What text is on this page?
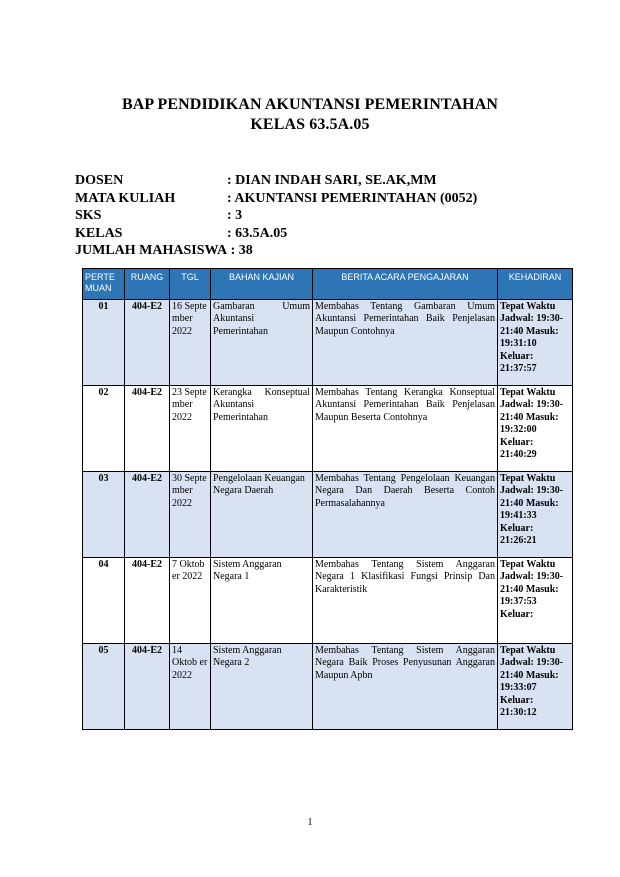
BAP PENDIDIKAN AKUNTANSI PEMERINTAHAN
KELAS 63.5A.05
DOSEN	: DIAN INDAH SARI, SE.AK,MM
MATA KULIAH	: AKUNTANSI PEMERINTAHAN (0052)
SKS	: 3
KELAS	: 63.5A.05
JUMLAH MAHASISWA : 38
PERTE MUAN	RUANG	TGL	BAHAN KAJIAN	BERITA ACARA PENGAJARAN	KEHADIRAN
01	404-E2	16 Septe mber 2022	Gambaran Umum Akuntansi Pemerintahan	Membahas Tentang Gambaran Umum Akuntansi Pemerintahan Baik Penjelasan Maupun Contohnya	Tepat Waktu Jadwal: 19:30-21:40 Masuk: 19:31:10 Keluar: 21:37:57
02	404-E2	23 Septe mber 2022	Kerangka Konseptual Akuntansi Pemerintahan	Membahas Tentang Kerangka Konseptual Akuntansi Pemerintahan Baik Penjelasan Maupun Beserta Contohnya	Tepat Waktu Jadwal: 19:30-21:40 Masuk: 19:32:00 Keluar: 21:40:29
03	404-E2	30 Septe mber 2022	Pengelolaan Keuangan Negara Daerah	Membahas Tentang Pengelolaan Keuangan Negara Dan Daerah Beserta Contoh Permasalahannya	Tepat Waktu Jadwal: 19:30-21:40 Masuk: 19:41:33 Keluar: 21:26:21
04	404-E2	7 Oktob er 2022	Sistem Anggaran Negara 1	Membahas Tentang Sistem Anggaran Negara 1 Klasifikasi Fungsi Prinsip Dan Karakteristik	Tepat Waktu Jadwal: 19:30-21:40 Masuk: 19:37:53 Keluar:
05	404-E2	14 Oktob er 2022	Sistem Anggaran Negara 2	Membahas Tentang Sistem Anggaran Negara Baik Proses Penyusunan Anggaran Maupun Apbn	Tepat Waktu Jadwal: 19:30-21:40 Masuk: 19:33:07 Keluar: 21:30:12
1
